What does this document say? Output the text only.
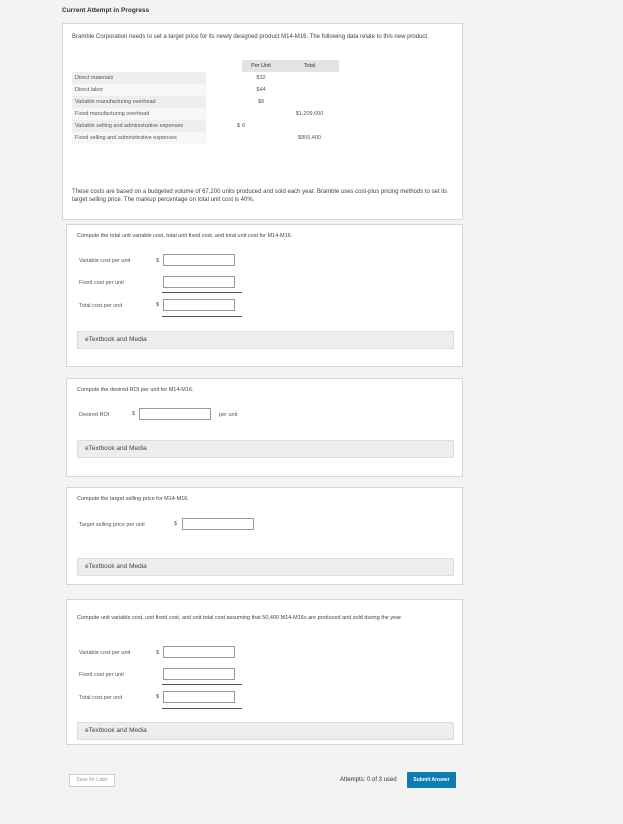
Current Attempt in Progress
Bramble Corporation needs to set a target price for its newly designed product M14-M16. The following data relate to this new product.
		Per Unit	Total
Direct materials		$32	
Direct labor		$44	
Variable manufacturing overhead		$8	
Fixed manufacturing overhead			$1,209,600
Variable selling and administrative expenses	$	6	
Fixed selling and administrative expenses			$806,400
These costs are based on a budgeted volume of 67,200 units produced and sold each year. Bramble uses cost-plus pricing methods to set its target selling price. The markup percentage on total unit cost is 40%.
Compute the total unit variable cost, total unit fixed cost, and total unit cost for M14-M16.
Variable cost per unit	$
Fixed cost per unit
Total cost per unit	$
eTextbook and Media
Compute the desired ROI per unit for M14-M16.
Desired ROI	$	per unit
eTextbook and Media
Compute the target selling price for M14-M16.
Target selling price per unit	$
eTextbook and Media
Compute unit variable cost, unit fixed cost, and unit total cost assuming that 50,400 M14-M16s are produced and sold during the year.
Variable cost per unit	$
Fixed cost per unit
Total cost per unit	$
eTextbook and Media
Save for Later	Attempts: 0 of 3 used	Submit Answer
